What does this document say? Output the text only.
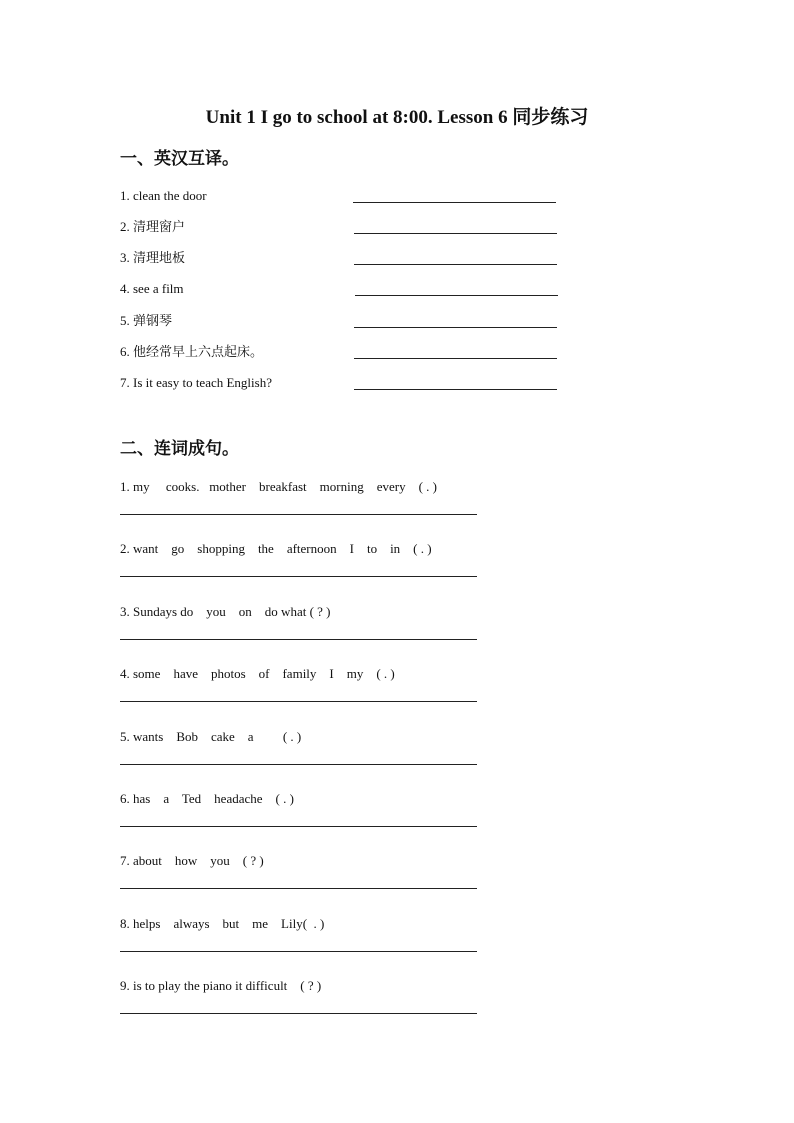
Unit 1 I go to school at 8:00. Lesson 6 同步练习
一、英汉互译。
1. clean the door
2. 清理窗户
3. 清理地板
4. see a film
5. 弹钢琴
6. 他经常早上六点起床。
7. Is it easy to teach English?
二、连词成句。
1. my     cooks.   mother    breakfast    morning    every    ( . )
2. want    go    shopping    the    afternoon    I    to    in    ( . )
3. Sundays do    you    on    do what ( ? )
4. some    have    photos    of    family    I    my    ( . )
5. wants    Bob    cake    a         ( . )
6. has    a    Ted    headache    ( . )
7. about    how    you    ( ? )
8. helps    always    but    me    Lily(  . )
9. is to play the piano it difficult    ( ? )
